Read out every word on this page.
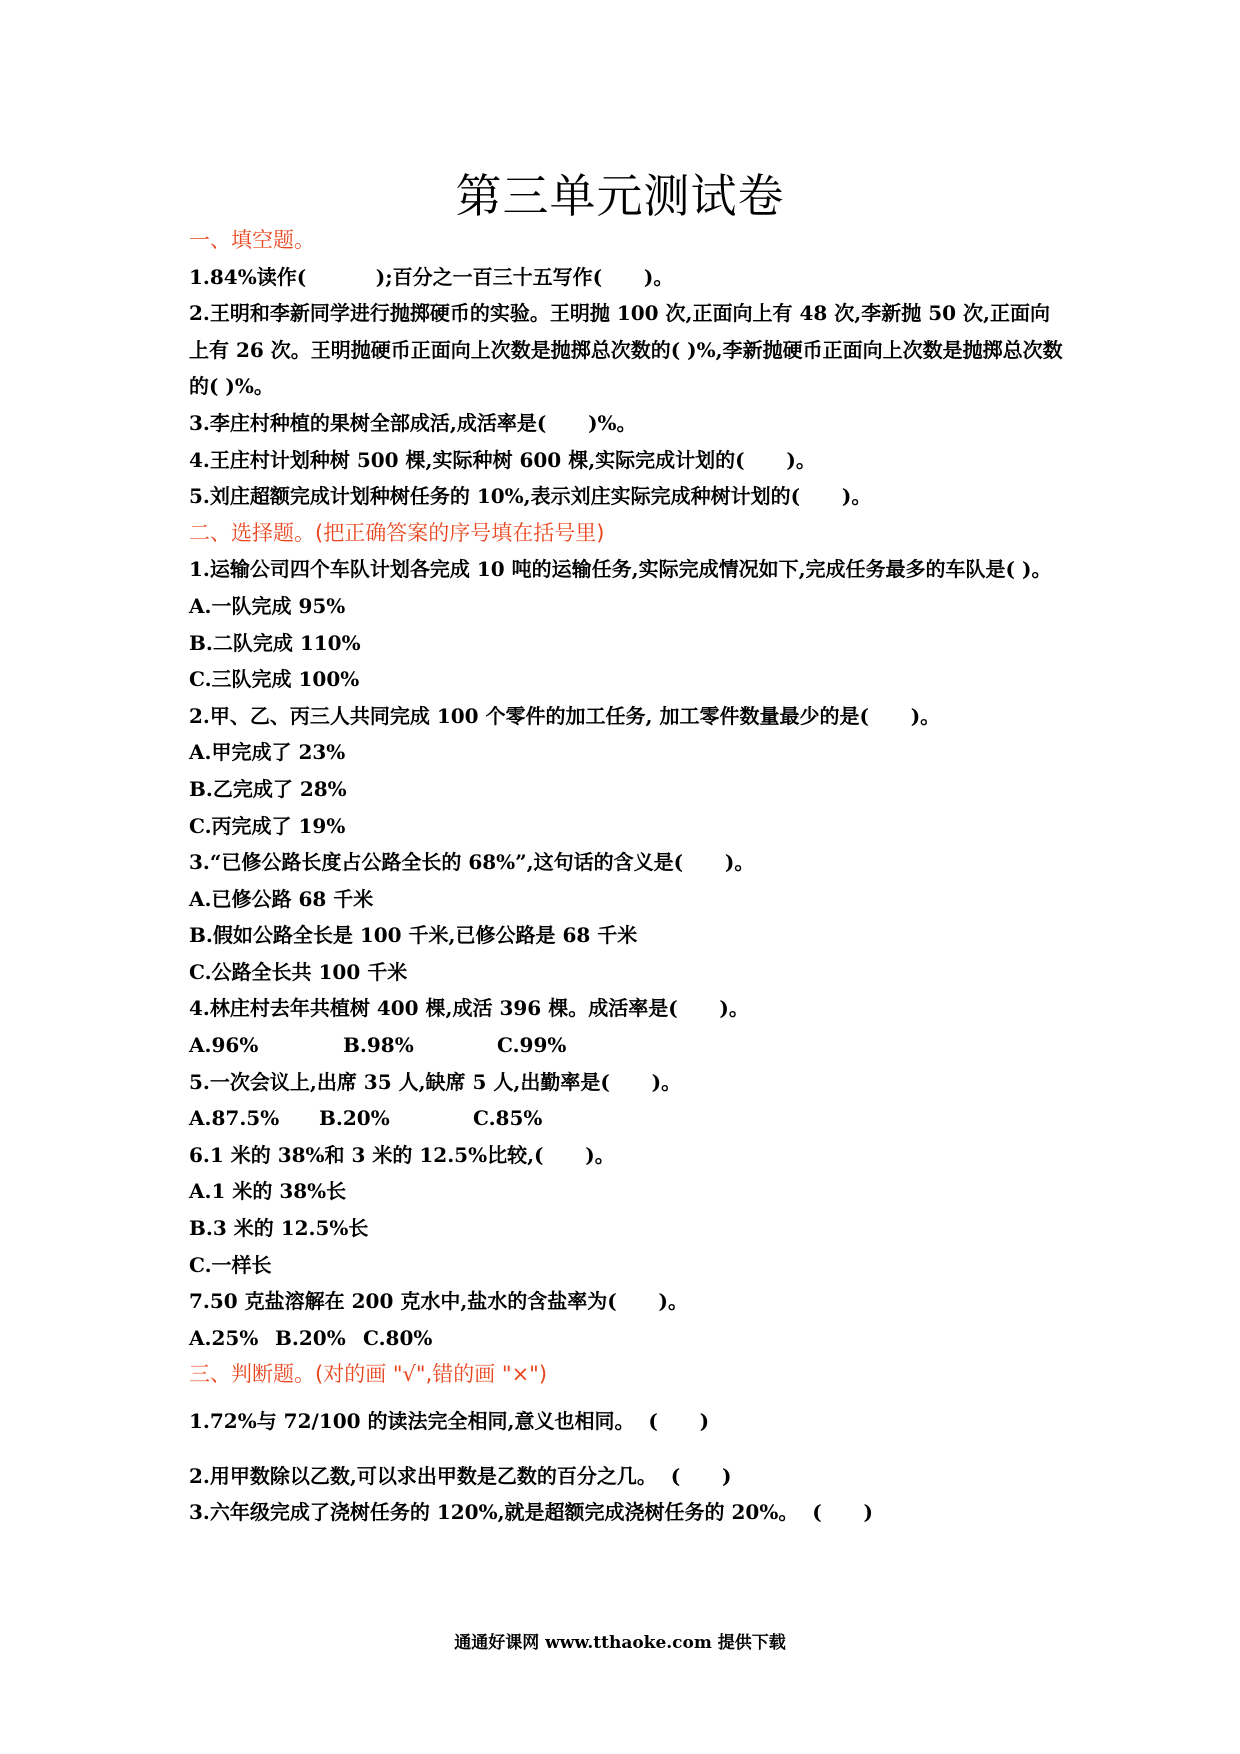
第三单元测试卷
一、填空题。
1.84%读作(          );百分之一百三十五写作(      )。
2.王明和李新同学进行抛掷硬币的实验。王明抛 100 次,正面向上有 48 次,李新抛 50 次,正面向上有 26 次。王明抛硬币正面向上次数是抛掷总次数的( )%,李新抛硬币正面向上次数是抛掷总次数的( )%。
3.李庄村种植的果树全部成活,成活率是(      )%。
4.王庄村计划种树 500 棵,实际种树 600 棵,实际完成计划的(      )。
5.刘庄超额完成计划种树任务的 10%,表示刘庄实际完成种树计划的(      )。
二、选择题。(把正确答案的序号填在括号里)
1.运输公司四个车队计划各完成 10 吨的运输任务,实际完成情况如下,完成任务最多的车队是( )。
A.一队完成 95%
B.二队完成 110%
C.三队完成 100%
2.甲、乙、丙三人共同完成 100 个零件的加工任务, 加工零件数量最少的是(      )。
A.甲完成了 23%
B.乙完成了 28%
C.丙完成了 19%
3.“已修公路长度占公路全长的 68%”,这句话的含义是(      )。
A.已修公路 68 千米
B.假如公路全长是 100 千米,已修公路是 68 千米
C.公路全长共 100 千米
4.林庄村去年共植树 400 棵,成活 396 棵。成活率是(      )。
A.96%	B.98%	C.99%
5.一次会议上,出席 35 人,缺席 5 人,出勤率是(      )。
A.87.5%	B.20%	C.85%
6.1 米的 38%和 3 米的 12.5%比较,(      )。
A.1 米的 38%长
B.3 米的 12.5%长
C.一样长
7.50 克盐溶解在 200 克水中,盐水的含盐率为(      )。
A.25% B.20% C.80%
三、判断题。(对的画 "√",错的画 "×")
1.72%与 72/100 的读法完全相同,意义也相同。  (      )
2.用甲数除以乙数,可以求出甲数是乙数的百分之几。  (      )
3.六年级完成了浇树任务的 120%,就是超额完成浇树任务的 20%。  (      )
通通好课网 www.tthaoke.com 提供下载
